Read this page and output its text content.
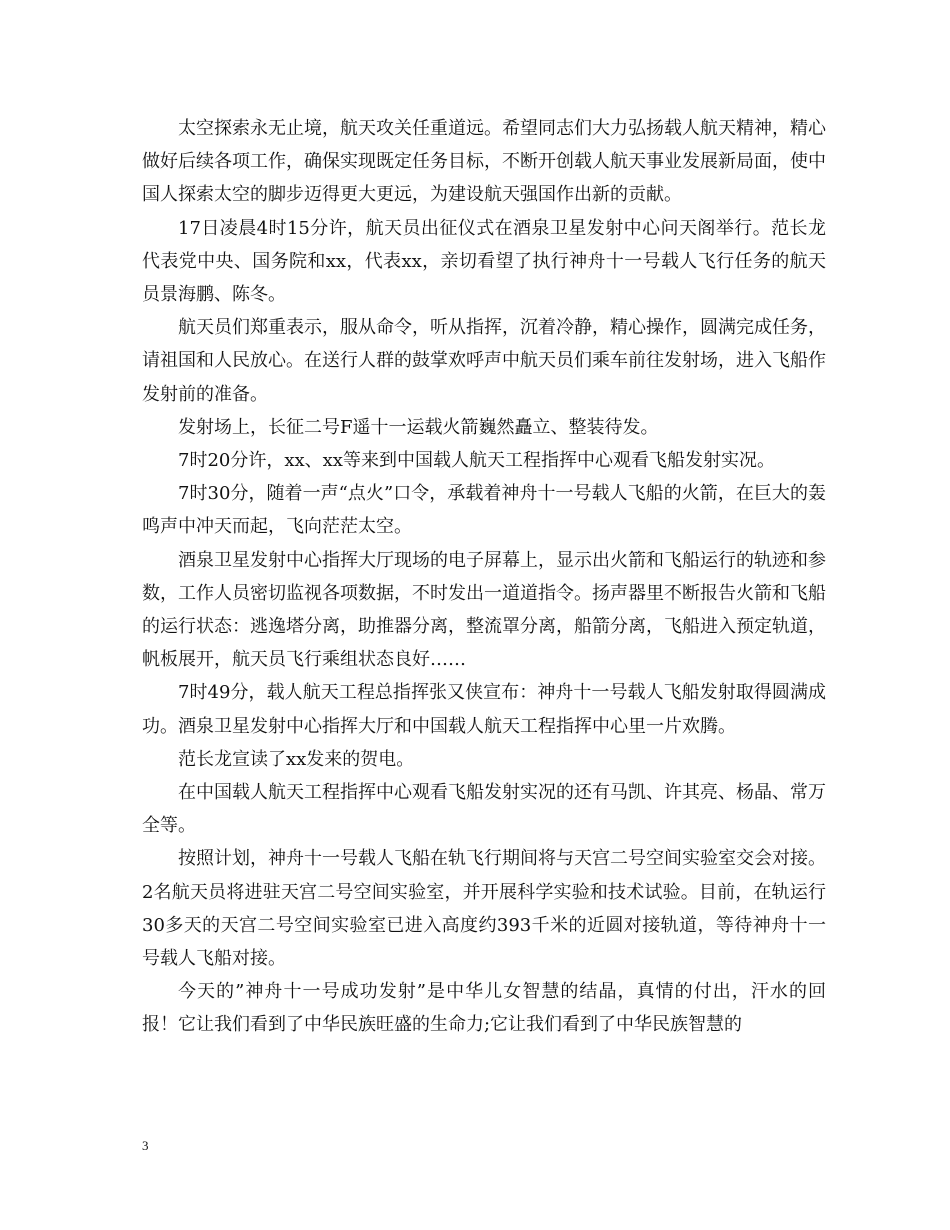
太空探索永无止境，航天攻关任重道远。希望同志们大力弘扬载人航天精神，精心做好后续各项工作，确保实现既定任务目标，不断开创载人航天事业发展新局面，使中国人探索太空的脚步迈得更大更远，为建设航天强国作出新的贡献。

17日凌晨4时15分许，航天员出征仪式在酒泉卫星发射中心问天阁举行。范长龙代表党中央、国务院和xx，代表xx，亲切看望了执行神舟十一号载人飞行任务的航天员景海鹏、陈冬。

航天员们郑重表示，服从命令，听从指挥，沉着冷静，精心操作，圆满完成任务，请祖国和人民放心。在送行人群的鼓掌欢呼声中航天员们乘车前往发射场，进入飞船作发射前的准备。

发射场上，长征二号F遥十一运载火箭巍然矗立、整装待发。

7时20分许，xx、xx等来到中国载人航天工程指挥中心观看飞船发射实况。

7时30分，随着一声“点火”口令，承载着神舟十一号载人飞船的火箭，在巨大的轰鸣声中冲天而起，飞向茫茫太空。

酒泉卫星发射中心指挥大厅现场的电子屏幕上，显示出火箭和飞船运行的轨迹和参数，工作人员密切监视各项数据，不时发出一道道指令。扬声器里不断报告火箭和飞船的运行状态：逃逸塔分离，助推器分离，整流罩分离，船箭分离，飞船进入预定轨道，帆板展开，航天员飞行乘组状态良好……

7时49分，载人航天工程总指挥张又侠宣布：神舟十一号载人飞船发射取得圆满成功。酒泉卫星发射中心指挥大厅和中国载人航天工程指挥中心里一片欢腾。

范长龙宣读了xx发来的贺电。

在中国载人航天工程指挥中心观看飞船发射实况的还有马凯、许其亮、杨晶、常万全等。

按照计划，神舟十一号载人飞船在轨飞行期间将与天宫二号空间实验室交会对接。2名航天员将进驻天宫二号空间实验室，并开展科学实验和技术试验。目前，在轨运行30多天的天宫二号空间实验室已进入高度约393千米的近圆对接轨道，等待神舟十一号载人飞船对接。

今天的”神舟十一号成功发射”是中华儿女智慧的结晶，真情的付出，汗水的回报！它让我们看到了中华民族旺盛的生命力;它让我们看到了中华民族智慧的

3
